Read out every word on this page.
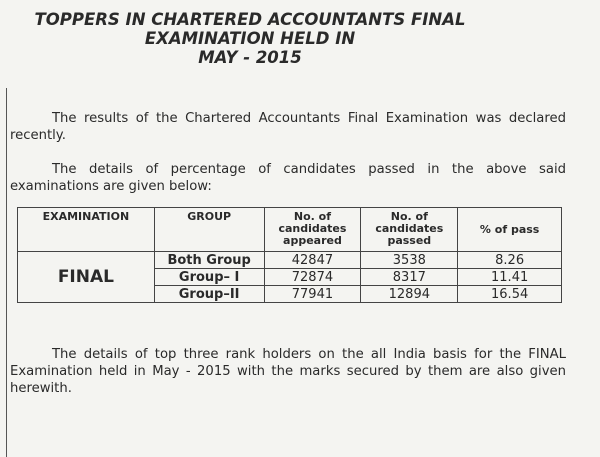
TOPPERS IN CHARTERED ACCOUNTANTS FINAL
EXAMINATION HELD IN
MAY - 2015
The results of the Chartered Accountants Final Examination was declared recently.
The details of percentage of candidates passed in the above said examinations are given below:
EXAMINATION	GROUP	No. of candidates appeared	No. of candidates passed	% of pass
FINAL	Both Group	42847	3538	8.26
	Group– I	72874	8317	11.41
	Group–II	77941	12894	16.54
The details of top three rank holders on the all India basis for the FINAL Examination held in May - 2015 with the marks secured by them are also given herewith.
